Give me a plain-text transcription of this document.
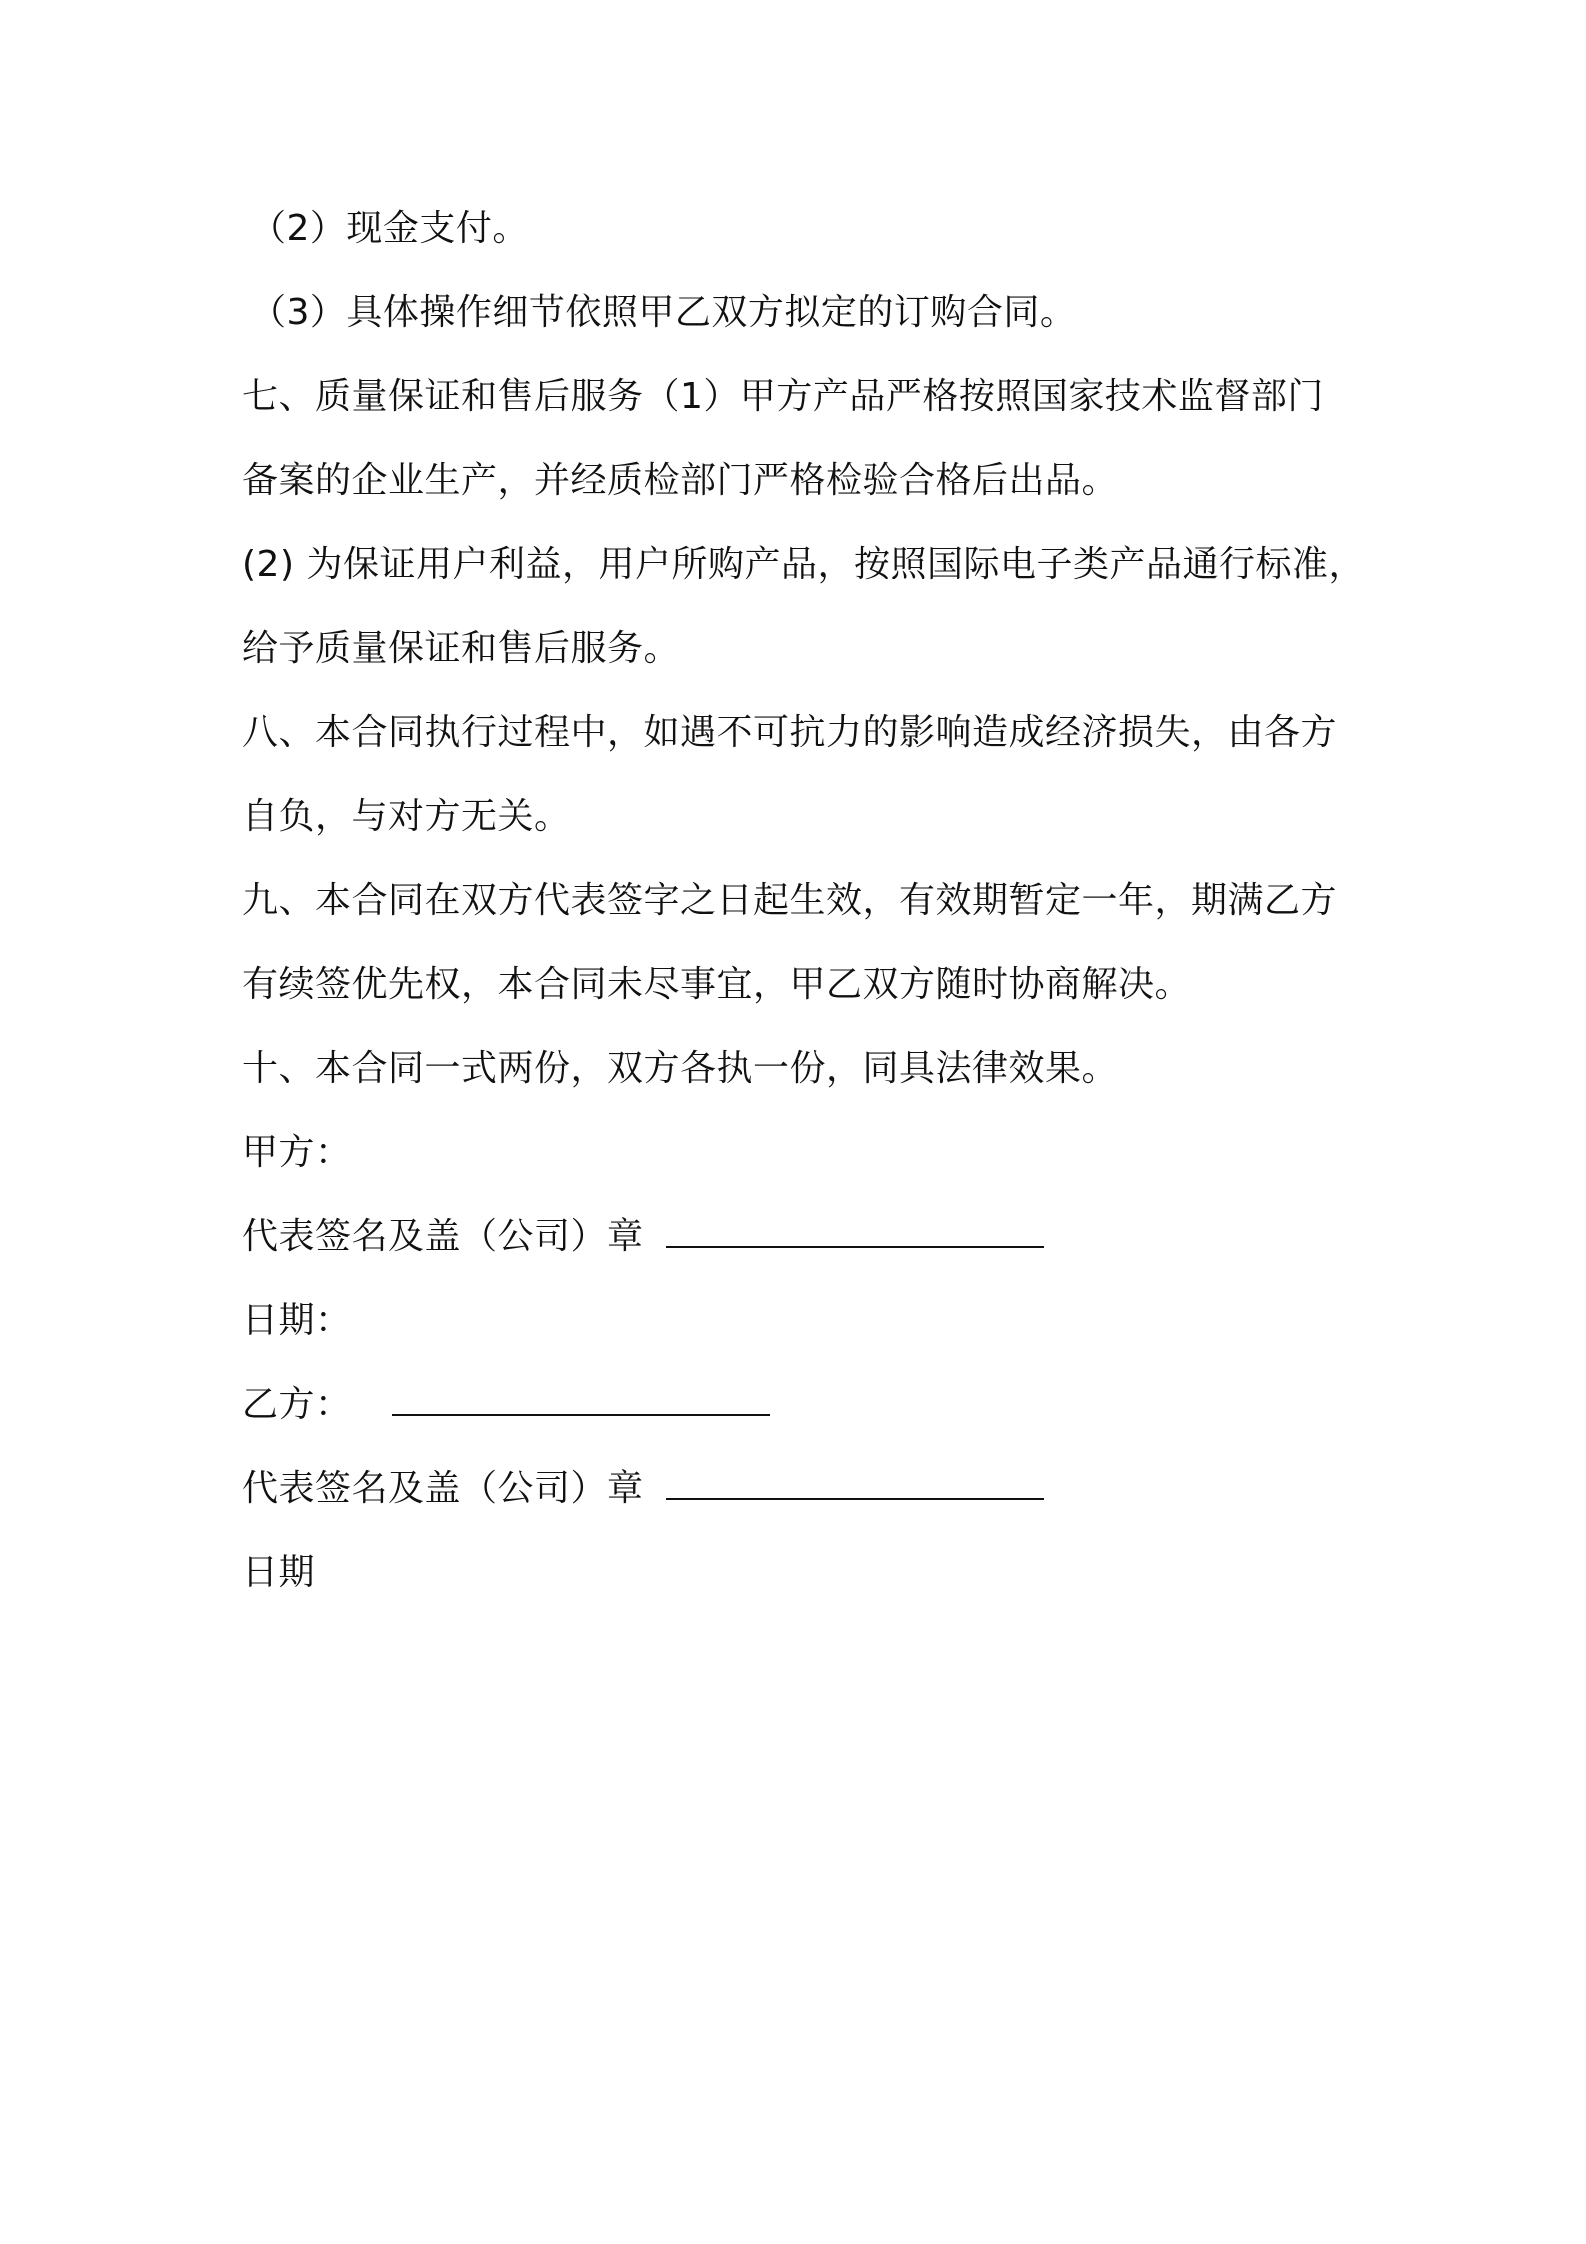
（2）现金支付。
（3）具体操作细节依照甲乙双方拟定的订购合同。
七、质量保证和售后服务（1）甲方产品严格按照国家技术监督部门
备案的企业生产，并经质检部门严格检验合格后出品。
(2) 为保证用户利益，用户所购产品，按照国际电子类产品通行标准，
给予质量保证和售后服务。
八、本合同执行过程中，如遇不可抗力的影响造成经济损失，由各方
自负，与对方无关。
九、本合同在双方代表签字之日起生效，有效期暂定一年，期满乙方
有续签优先权，本合同未尽事宜，甲乙双方随时协商解决。
十、本合同一式两份，双方各执一份，同具法律效果。
甲方：
代表签名及盖（公司）章
日期：
乙方：
代表签名及盖（公司）章
日期
